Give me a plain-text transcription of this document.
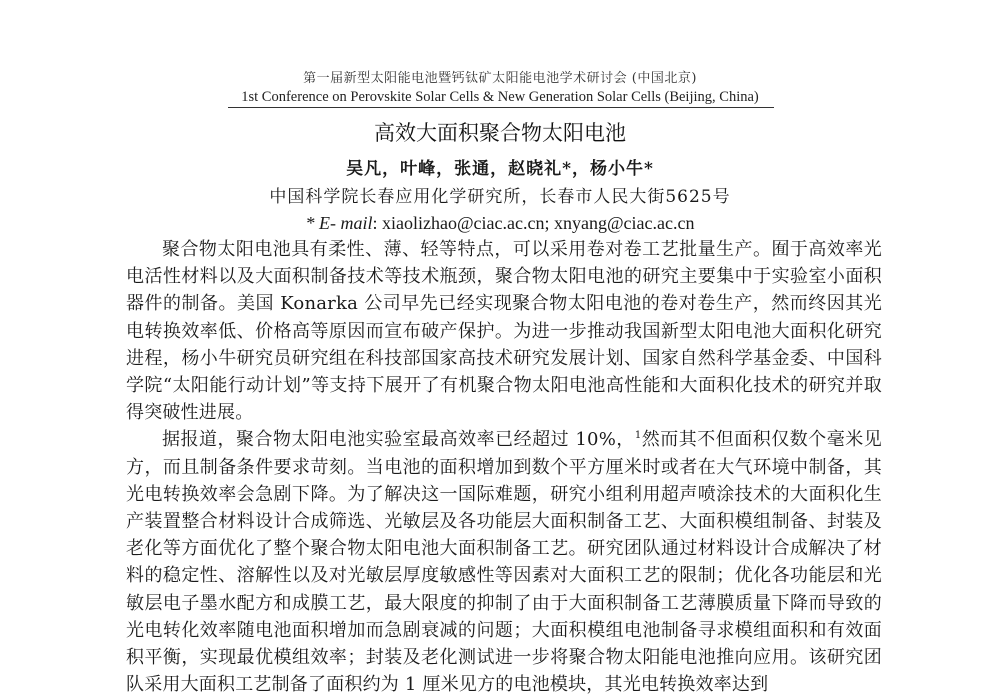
第一届新型太阳能电池暨钙钛矿太阳能电池学术研讨会 (中国北京)
1st Conference on Perovskite Solar Cells & New Generation Solar Cells (Beijing, China)
高效大面积聚合物太阳电池
吴凡，叶峰，张通，赵晓礼*，杨小牛*
中国科学院长春应用化学研究所，长春市人民大街5625号
* E- mail: xiaolizhao@ciac.ac.cn; xnyang@ciac.ac.cn

聚合物太阳电池具有柔性、薄、轻等特点，可以采用卷对卷工艺批量生产。囿于高效率光电活性材料以及大面积制备技术等技术瓶颈，聚合物太阳电池的研究主要集中于实验室小面积器件的制备。美国 Konarka 公司早先已经实现聚合物太阳电池的卷对卷生产，然而终因其光电转换效率低、价格高等原因而宣布破产保护。为进一步推动我国新型太阳电池大面积化研究进程，杨小牛研究员研究组在科技部国家高技术研究发展计划、国家自然科学基金委、中国科学院“太阳能行动计划”等支持下展开了有机聚合物太阳电池高性能和大面积化技术的研究并取得突破性进展。

据报道，聚合物太阳电池实验室最高效率已经超过 10%，$^1$然而其不但面积仅数个毫米见方，而且制备条件要求苛刻。当电池的面积增加到数个平方厘米时或者在大气环境中制备，其光电转换效率会急剧下降。为了解决这一国际难题，研究小组利用超声喷涂技术的大面积化生产装置整合材料设计合成筛选、光敏层及各功能层大面积制备工艺、大面积模组制备、封装及老化等方面优化了整个聚合物太阳电池大面积制备工艺。研究团队通过材料设计合成解决了材料的稳定性、溶解性以及对光敏层厚度敏感性等因素对大面积工艺的限制；优化各功能层和光敏层电子墨水配方和成膜工艺，最大限度的抑制了由于大面积制备工艺薄膜质量下降而导致的光电转化效率随电池面积增加而急剧衰减的问题；大面积模组电池制备寻求模组面积和有效面积平衡，实现最优模组效率；封装及老化测试进一步将聚合物太阳能电池推向应用。该研究团队采用大面积工艺制备了面积约为 1 厘米见方的电池模块，其光电转换效率达到
